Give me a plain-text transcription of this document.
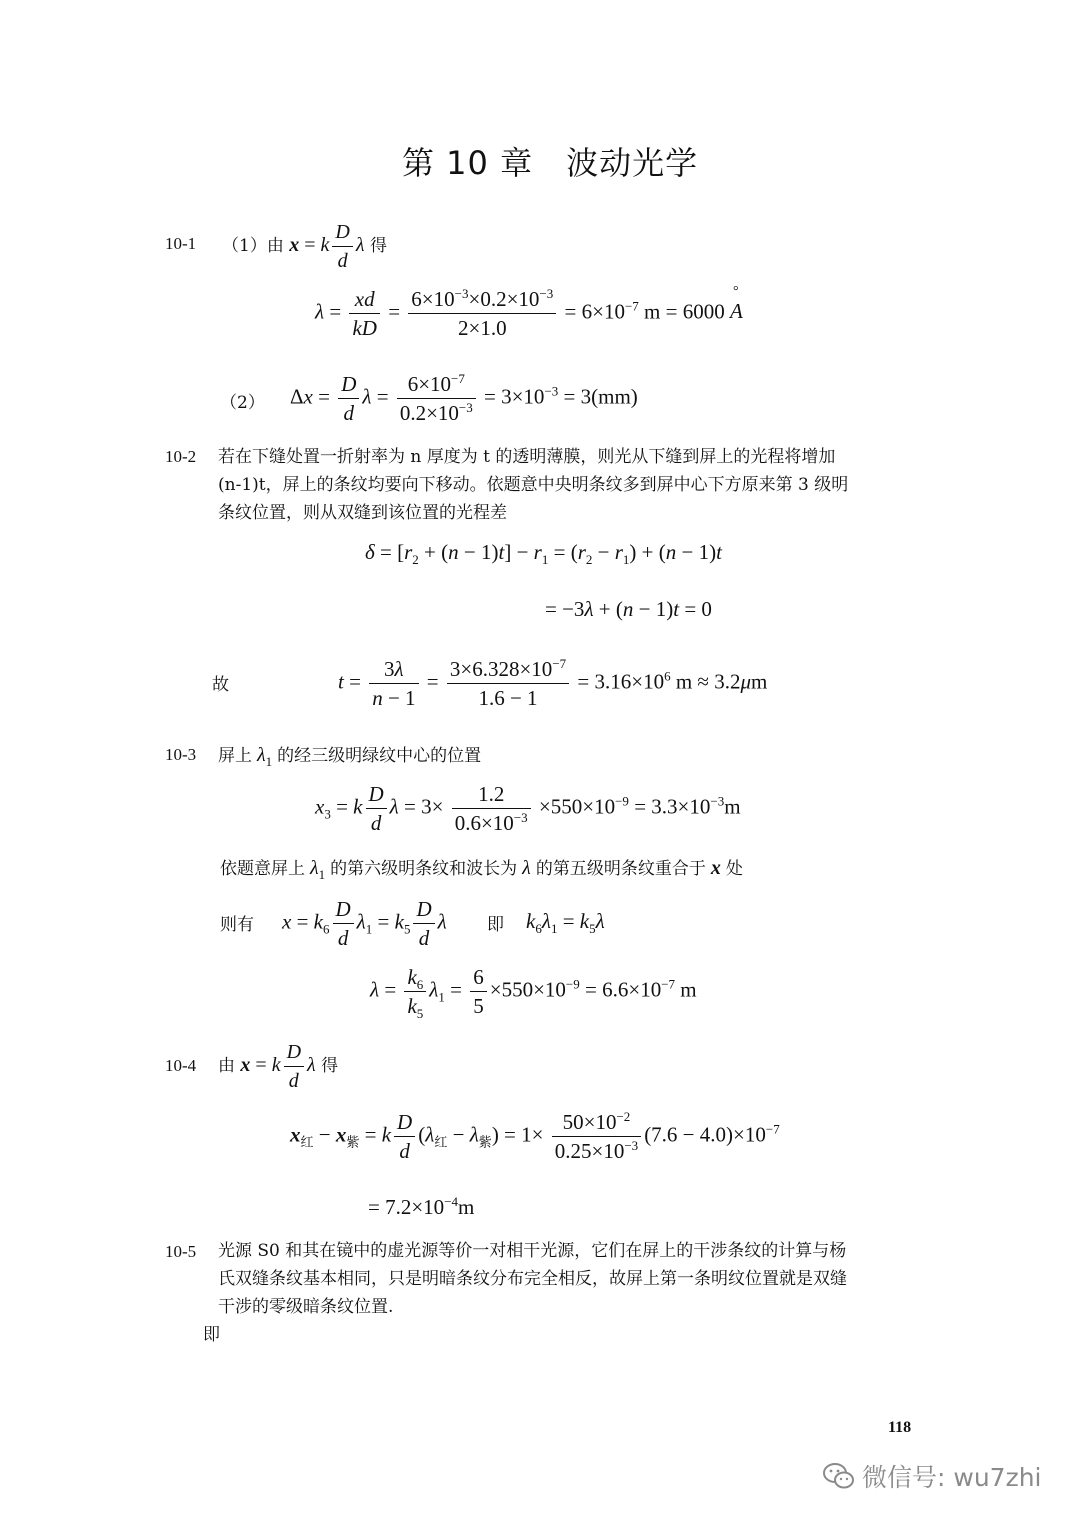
第 10 章　波动光学
10-1 （1）由 x = k $\frac{D}{d}$ λ 得
$\lambda = \frac{xd}{kD} = \frac{6\times 10^{-3}\times 0.2\times 10^{-3}}{2\times 1.0} = 6\times 10^{-7}$ m = 6000 ° A
（2） $\Delta x = \frac{D}{d}$ $\lambda = \frac{6\times 10^{-7}}{0.2\times 10^{-3}} = 3\times 10^{-3} = 3(mm)$
10-2 若在下缝处置一折射率为 n 厚度为 t 的透明薄膜，则光从下缝到屏上的光程将增加
(n-1)t，屏上的条纹均要向下移动。依题意中央明条纹多到屏中心下方原来第 3 级明
条纹位置，则从双缝到该位置的光程差
$\delta = [r_2 + (n - 1)t] - r_1 = (r_2 - r_1) + (n - 1)t$
= −3λ + (n − 1)t = 0
故	$t = \frac{3\lambda}{n - 1} = \frac{3\times 6.328\times 10^{-7}}{1.6 - 1} = 3.16\times 10^6$ m ≈ 3.2μm
10-3 屏上 $\lambda_1$ 的经三级明绿纹中心的位置
$x_3 = k \frac{D}{d}$ $\lambda = 3\times \frac{1.2}{0.6\times 10^{-3}} \times 550\times 10^{-9} = 3.3\times 10^{-3}m$
依题意屏上 $\lambda_1$ 的第六级明条纹和波长为 λ 的第五级明条纹重合于 x 处
则有 $x = k_6 \frac{D}{d} \lambda_1 = k_5 \frac{D}{d}$ λ 即 $k_6\lambda_1 = k_5\lambda$
$\lambda = \frac{k_6}{k_5} \lambda_1 = \frac{6}{5} \times 550\times 10^{-9} = 6.6\times 10^{-7}$ m
10-4 由 x = k $\frac{D}{d}$ λ 得
$x_红 - x_紫 = k \frac{D}{d} (\lambda_红 - \lambda_紫) = 1\times \frac{50\times 10^{-2}}{0.25\times 10^{-3}} (7.6 - 4.0)\times 10^{-7}$
= $7.2\times 10^{-4}m$
10-5 光源 S0 和其在镜中的虚光源等价一对相干光源，它们在屏上的干涉条纹的计算与杨
氏双缝条纹基本相同，只是明暗条纹分布完全相反，故屏上第一条明纹位置就是双缝
干涉的零级暗条纹位置.
即
118
微信号: wu7zhi
